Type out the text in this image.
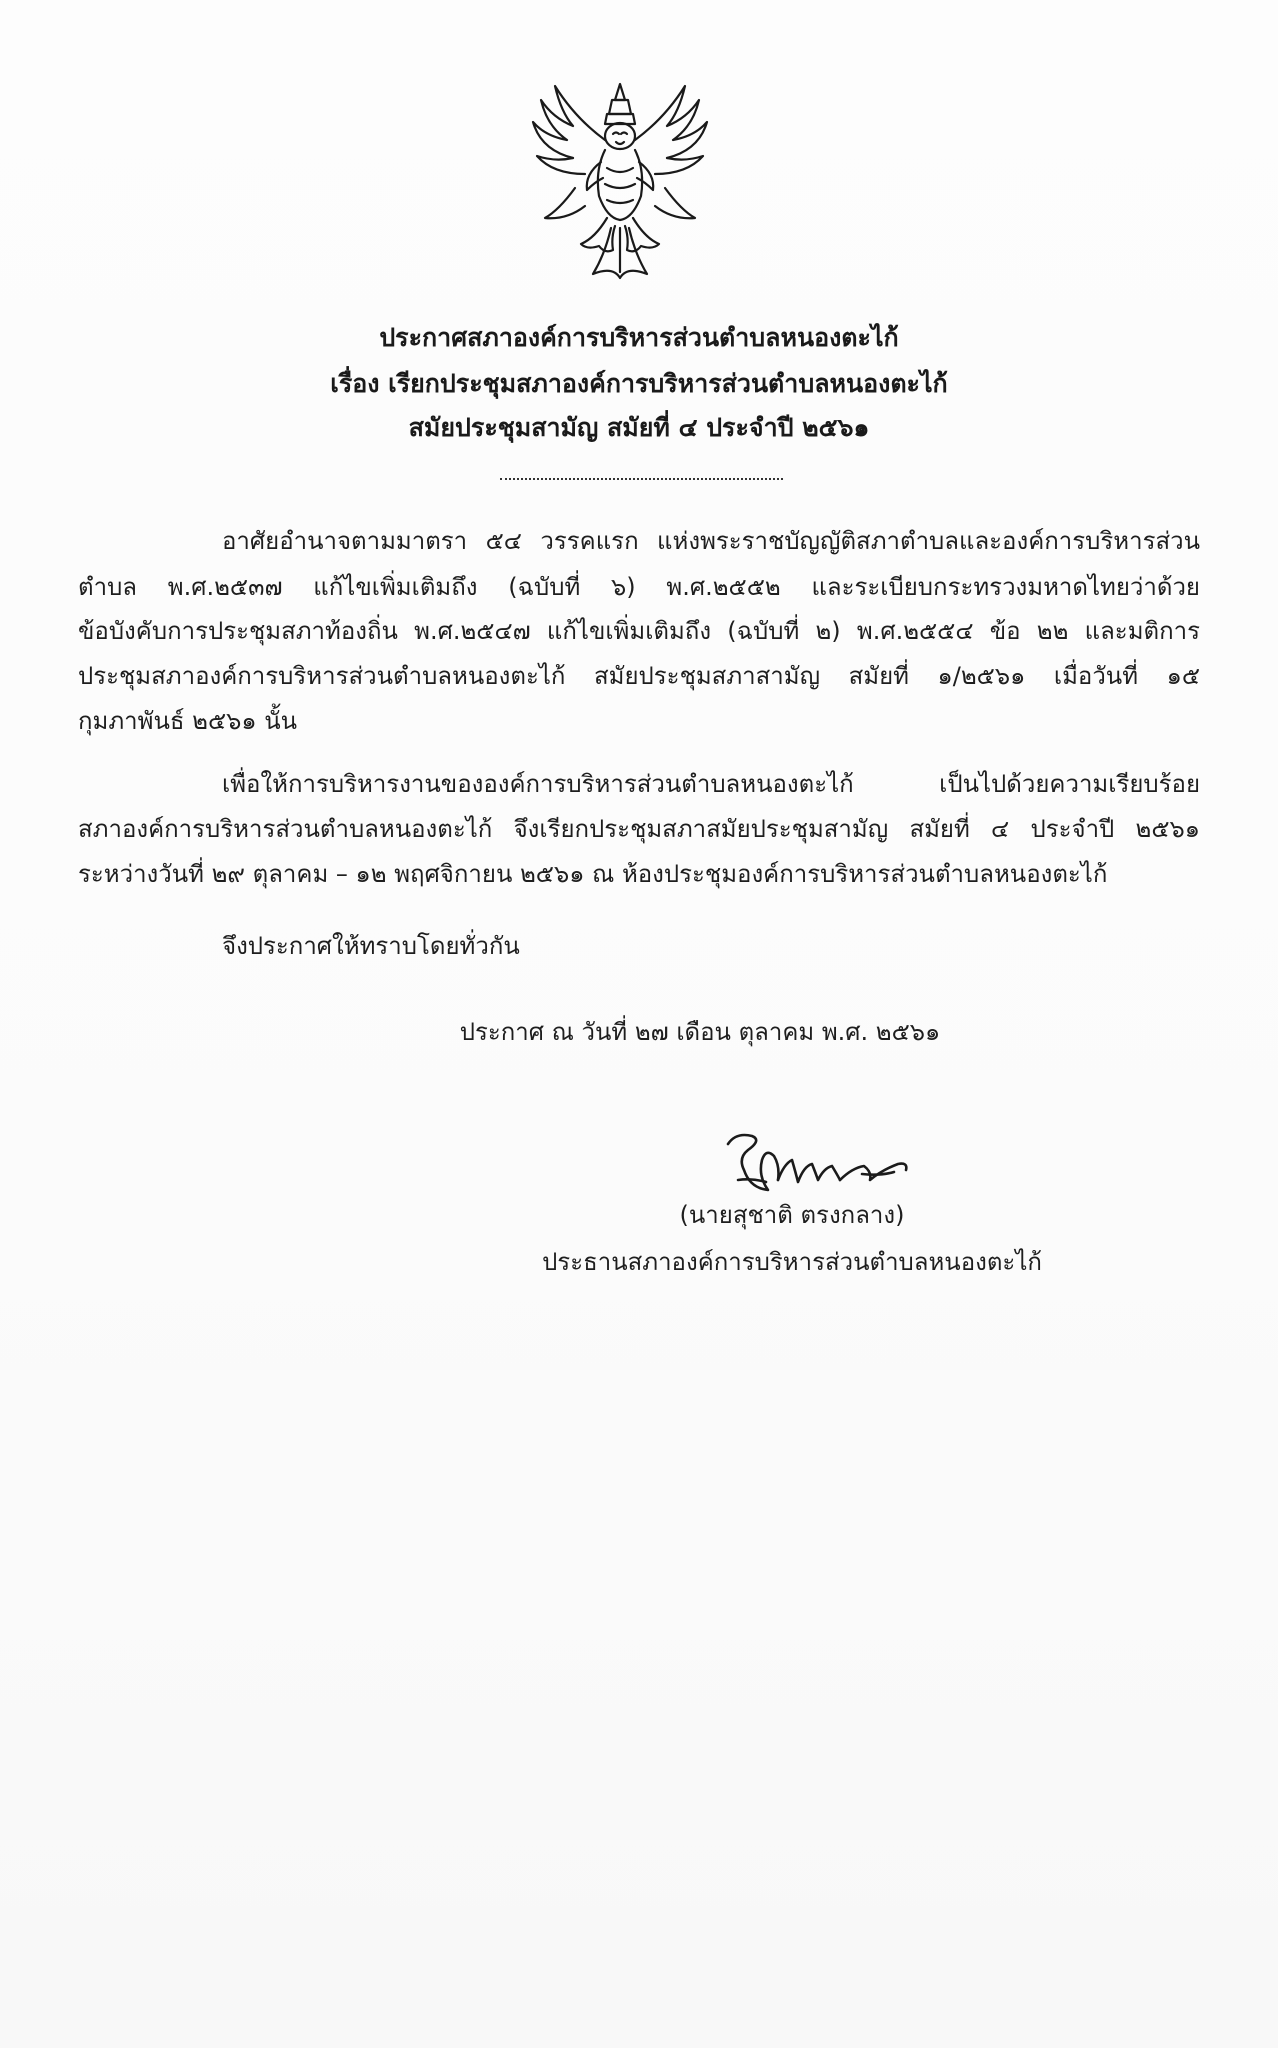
ประกาศสภาองค์การบริหารส่วนตำบลหนองตะไก้
เรื่อง เรียกประชุมสภาองค์การบริหารส่วนตำบลหนองตะไก้
สมัยประชุมสามัญ สมัยที่ ๔ ประจำปี ๒๕๖๑
อาศัยอำนาจตามมาตรา ๕๔ วรรคแรก แห่งพระราชบัญญัติสภาตำบลและองค์การบริหารส่วน
ตำบล พ.ศ.๒๕๓๗ แก้ไขเพิ่มเติมถึง (ฉบับที่ ๖) พ.ศ.๒๕๕๒ และระเบียบกระทรวงมหาดไทยว่าด้วย
ข้อบังคับการประชุมสภาท้องถิ่น พ.ศ.๒๕๔๗ แก้ไขเพิ่มเติมถึง (ฉบับที่ ๒) พ.ศ.๒๕๕๔ ข้อ ๒๒ และมติการ
ประชุมสภาองค์การบริหารส่วนตำบลหนองตะไก้ สมัยประชุมสภาสามัญ สมัยที่ ๑/๒๕๖๑ เมื่อวันที่ ๑๕
กุมภาพันธ์ ๒๕๖๑ นั้น
เพื่อให้การบริหารงานขององค์การบริหารส่วนตำบลหนองตะไก้ เป็นไปด้วยความเรียบร้อย
สภาองค์การบริหารส่วนตำบลหนองตะไก้ จึงเรียกประชุมสภาสมัยประชุมสามัญ สมัยที่ ๔ ประจำปี ๒๕๖๑
ระหว่างวันที่ ๒๙ ตุลาคม – ๑๒ พฤศจิกายน ๒๕๖๑ ณ ห้องประชุมองค์การบริหารส่วนตำบลหนองตะไก้
จึงประกาศให้ทราบโดยทั่วกัน
ประกาศ ณ วันที่ ๒๗ เดือน ตุลาคม พ.ศ. ๒๕๖๑
(นายสุชาติ ตรงกลาง)
ประธานสภาองค์การบริหารส่วนตำบลหนองตะไก้
